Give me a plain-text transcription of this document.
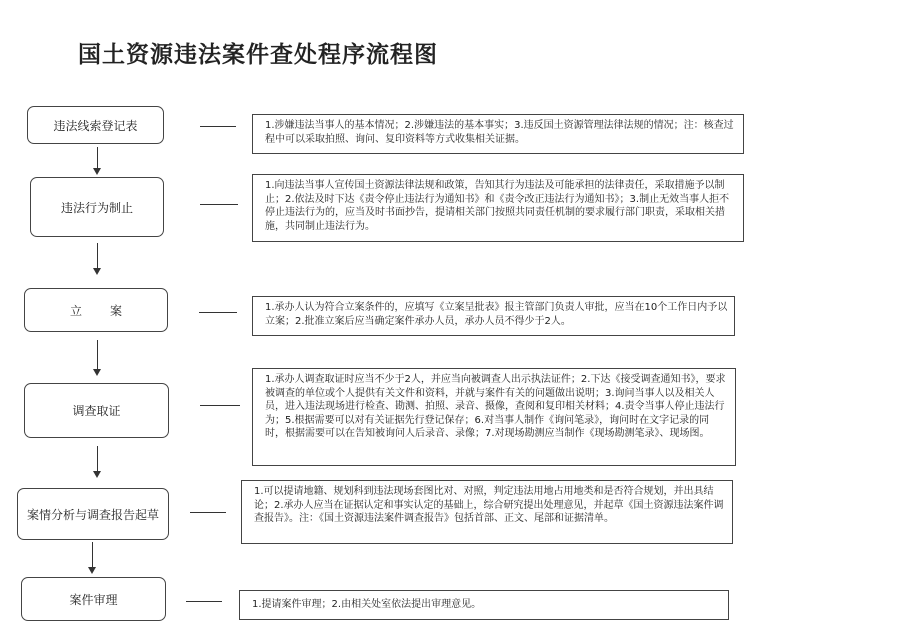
国土资源违法案件查处程序流程图
违法线索登记表	1.涉嫌违法当事人的基本情况；2.涉嫌违法的基本事实；3.违反国土资源管理法律法规的情况；注：核查过程中可以采取拍照、询问、复印资料等方式收集相关证据。
违法行为制止
1.向违法当事人宣传国土资源法律法规和政策，告知其行为违法及可能承担的法律责任，采取措施予以制止；2.依法及时下达《责令停止违法行为通知书》和《责令改正违法行为通知书》；3.制止无效当事人拒不停止违法行为的，应当及时书面抄告，提请相关部门按照共同责任机制的要求履行部门职责，采取相关措施，共同制止违法行为。
立案	1.承办人认为符合立案条件的，应填写《立案呈批表》报主管部门负责人审批，应当在10个工作日内予以立案；2.批准立案后应当确定案件承办人员，承办人员不得少于2人。
调查取证
1.承办人调查取证时应当不少于2人，并应当向被调查人出示执法证件；2.下达《接受调查通知书》，要求被调查的单位或个人提供有关文件和资料，并就与案件有关的问题做出说明；3.询问当事人以及相关人员，进入违法现场进行检查、勘测、拍照、录音、摄像，查阅和复印相关材料；4.责令当事人停止违法行为；5.根据需要可以对有关证据先行登记保存；6.对当事人制作《询问笔录》，询问时在文字记录的同时，根据需要可以在告知被询问人后录音、录像；7.对现场勘测应当制作《现场勘测笔录》、现场图。
案情分析与调查报告起草
1.可以提请地籍、规划科到违法现场套图比对、对照，判定违法用地占用地类和是否符合规划，并出具结论；2.承办人应当在证据认定和事实认定的基础上，综合研究提出处理意见，并起草《国土资源违法案件调查报告》。注：《国土资源违法案件调查报告》包括首部、正文、尾部和证据清单。
案件审理	1.提请案件审理；2.由相关处室依法提出审理意见。
